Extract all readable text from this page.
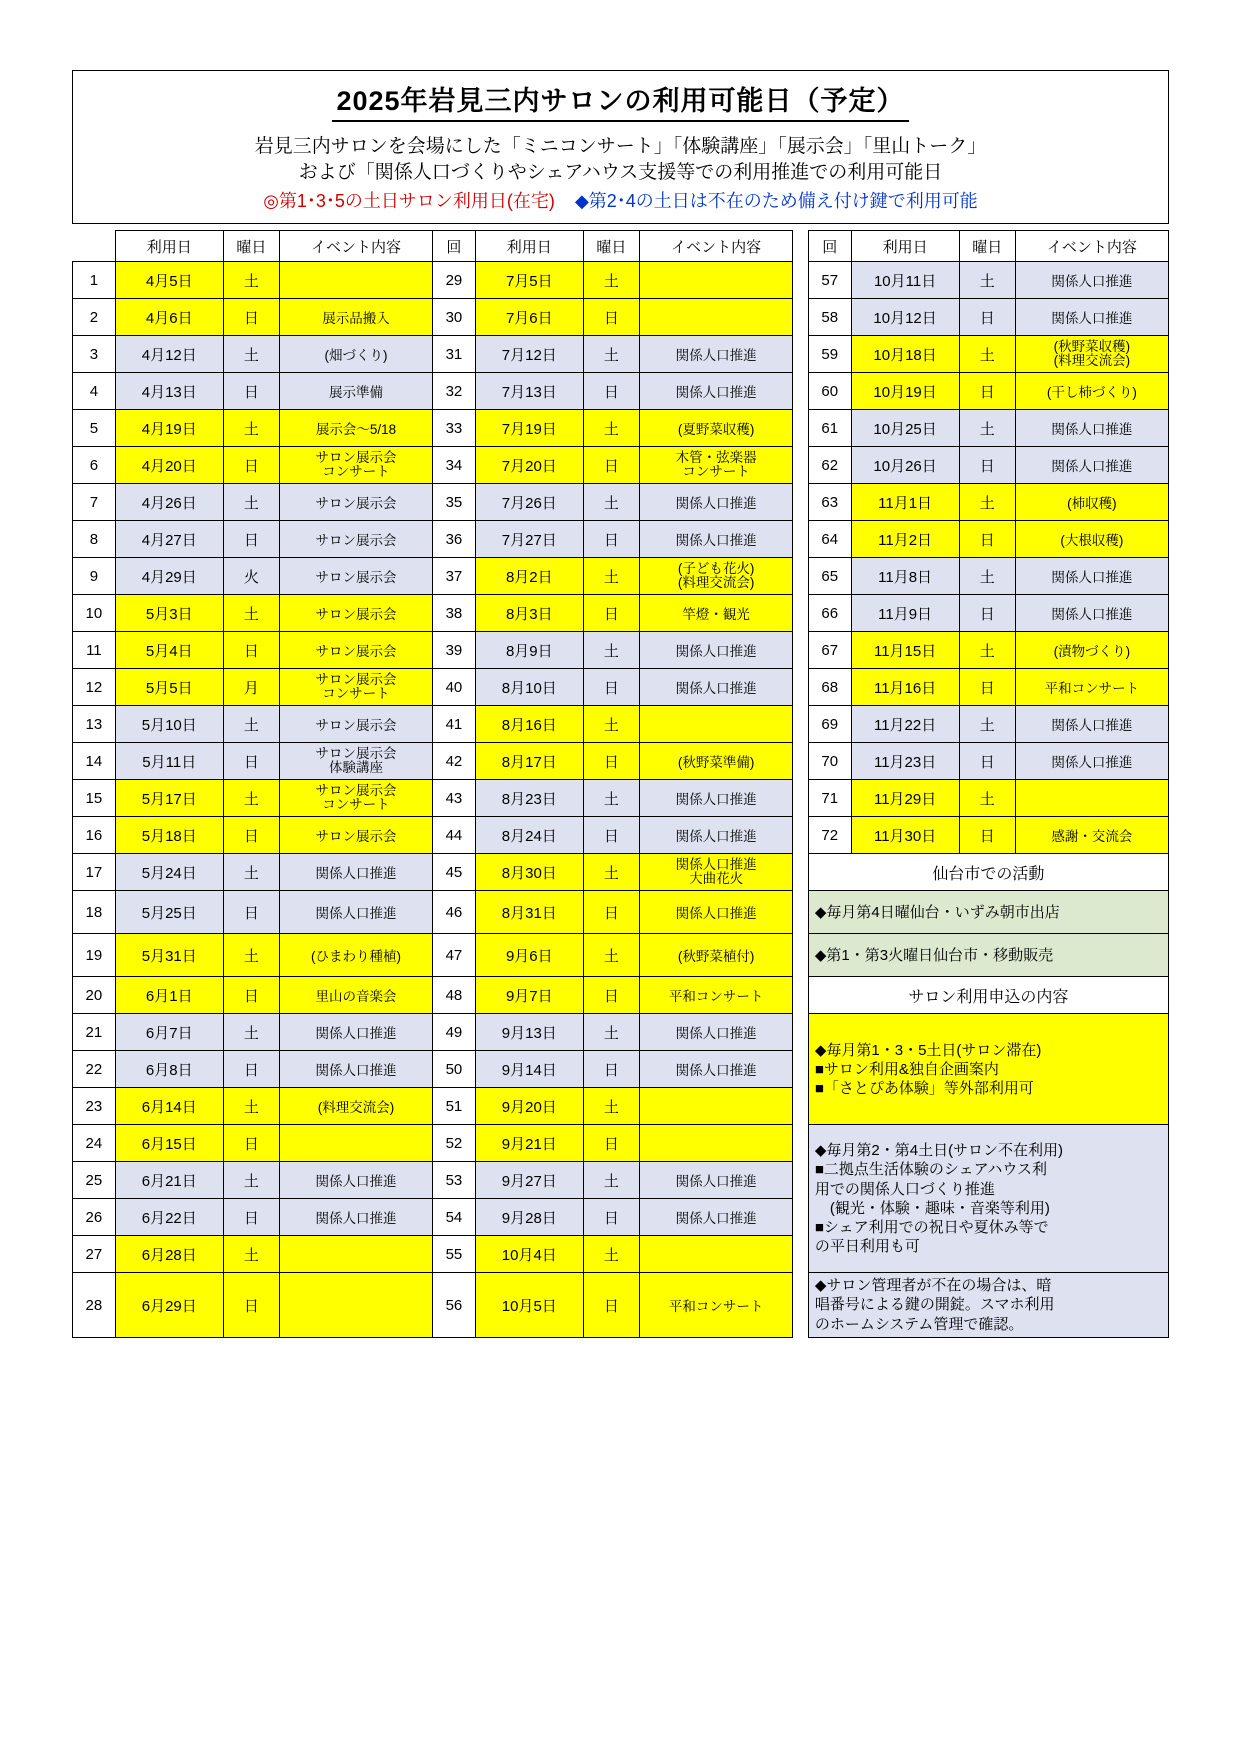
2025年岩見三内サロンの利用可能日（予定）
岩見三内サロンを会場にした「ミニコンサート」「体験講座」「展示会」「里山トーク」
および「関係人口づくりやシェアハウス支援等での利用推進での利用可能日
◎第1･3･5の土日サロン利用日(在宅) ◆第2･4の土日は不在のため備え付け鍵で利用可能
	利用日	曜日	イベント内容	回	利用日	曜日	イベント内容		回	利用日	曜日	イベント内容
1	4月5日	土		29	7月5日	土			57	10月11日	土	関係人口推進
2	4月6日	日	展示品搬入	30	7月6日	日			58	10月12日	日	関係人口推進
3	4月12日	土	(畑づくり)	31	7月12日	土	関係人口推進		59	10月18日	土	(秋野菜収穫)
(料理交流会)

4	4月13日	日	展示準備	32	7月13日	日	関係人口推進		60	10月19日	日	(干し柿づくり)
5	4月19日	土	展示会～5/18	33	7月19日	土	(夏野菜収穫)		61	10月25日	土	関係人口推進
6	4月20日	日	
サロン展示会
コンサート	34	7月20日	日	
木管・弦楽器
コンサート		62	10月26日	日	関係人口推進
7	4月26日	土	サロン展示会	35	7月26日	土	関係人口推進		63	11月1日	土	(柿収穫)
8	4月27日	日	サロン展示会	36	7月27日	日	関係人口推進		64	11月2日	日	(大根収穫)
9	4月29日	火	サロン展示会	37	8月2日	土	(子ども花火)
(料理交流会)		65	11月8日	土	関係人口推進
10	5月3日	土	サロン展示会	38	8月3日	日	竿燈・観光		66	11月9日	日	関係人口推進
11	5月4日	日	サロン展示会	39	8月9日	土	関係人口推進		67	11月15日	土	(漬物づくり)
12	5月5日	月	サロン展示会
コンサート	40	8月10日	日	関係人口推進		68	11月16日	日	平和コンサート
13	5月10日	土	サロン展示会	41	8月16日	土			69	11月22日	土	関係人口推進
14	5月11日	日	サロン展示会
体験講座	42	8月17日	日	(秋野菜準備)		70	11月23日	日	関係人口推進
15	5月17日	土	サロン展示会
コンサート	43	8月23日	土	関係人口推進		71	11月29日	土	
16	5月18日	日	サロン展示会	44	8月24日	日	関係人口推進		72	11月30日	日	感謝・交流会
17	5月24日	土	関係人口推進	45	8月30日	土	関係人口推進
大曲花火		仙台市での活動			
18	5月25日	日	関係人口推進	46	8月31日	日	関係人口推進		◆毎月第4日曜仙台・いずみ朝市出店			
19	5月31日	土	(ひまわり種植)	47	9月6日	土	(秋野菜植付)		◆第1・第3火曜日仙台市・移動販売			
20	6月1日	日	里山の音楽会	48	9月7日	日	平和コンサート		サロン利用申込の内容			
21	6月7日	土	関係人口推進	49	9月13日	土	関係人口推進		◆毎月第1・3・5土日(サロン滞在)
■サロン利用&独自企画案内
■「さとぴあ体験」等外部利用可			

22	6月8日	日	関係人口推進	50	9月14日	日	関係人口推進					
23	6月14日	土	(料理交流会)	51	9月20日	土						
24	6月15日	日		52	9月21日	日			◆毎月第2・第4土日(サロン不在利用)
■二拠点生活体験のシェアハウス利
用での関係人口づくり推進
　(観光・体験・趣味・音楽等利用)
■シェア利用での祝日や夏休み等で
の平日利用も可

25	6月21日	土	関係人口推進	53	9月27日	土	関係人口推進					
26	6月22日	日	関係人口推進	54	9月28日	日	関係人口推進					
27	6月28日	土		55	10月4日	土						
28	6月29日	日		56	10月5日	日	平和コンサート		◆サロン管理者が不在の場合は、暗
唱番号による鍵の開錠。スマホ利用
のホームシステム管理で確認。			
